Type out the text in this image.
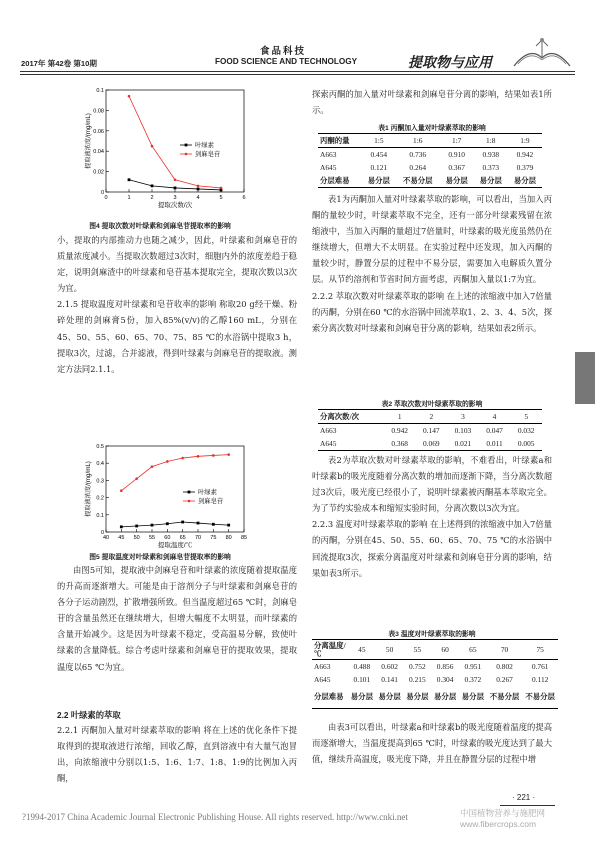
2017年 第42卷 第10期
食品科技
FOOD SCIENCE AND TECHNOLOGY	提取物与应用
0
0.02
0.04
0.06
0.08
0.1
0	1	2	3	4	5	6
提取液浓度/(mg/mL)
提取次数/次
叶绿素
剑麻皂苷
图4 提取次数对叶绿素和剑麻皂苷提取率的影响

小，提取的内部推动力也随之减少，因此，叶绿素和剑麻皂苷的质量浓度减小。当提取次数超过3次时，细胞内外的浓度差趋于稳定，说明剑麻渣中的叶绿素和皂苷基本提取完全，提取次数以3次为宜。

2.1.5 提取温度对叶绿素和皂苷收率的影响 称取20 g经干燥、粉碎处理的剑麻膏5份，加入85%(v/v)的乙醇160 mL，分别在45、50、55、60、65、70、75、85 ℃的水浴锅中提取3 h，提取3次，过滤，合并滤液，得到叶绿素与剑麻皂苷的提取液。测定方法同2.1.1。

0
0.1
0.2
0.3
0.4
0.5
40 45 50 55 60 65 70 75 80 85
提取液浓度/(mg/mL)
提取温度/℃
叶绿素
剑麻皂苷
图5 提取温度对叶绿素和剑麻皂苷提取率的影响

由图5可知，提取液中剑麻皂苷和叶绿素的浓度随着提取温度的升高而逐渐增大。可能是由于溶剂分子与叶绿素和剑麻皂苷的各分子运动剧烈，扩散增强所致。但当温度超过65 ℃时，剑麻皂苷的含量虽然还在继续增大，但增大幅度不太明显，而叶绿素的含量开始减少。这是因为叶绿素不稳定，受高温易分解，致使叶绿素的含量降低。综合考虑叶绿素和剑麻皂苷的提取效果，提取温度以65 ℃为宜。

2.2 叶绿素的萃取

2.2.1 丙酮加入量对叶绿素萃取的影响 将在上述的优化条件下提取得到的提取液进行浓缩，回收乙醇，直到溶液中有大量气泡冒出，向浓缩液中分别以1:5、1:6、1:7、1:8、1:9的比例加入丙酮，

探索丙酮的加入量对叶绿素和剑麻皂苷分离的影响，结果如表1所示。

表1 丙酮加入量对叶绿素萃取的影响
丙酮的量	1:5	1:6	1:7	1:8	1:9
A663	0.454	0.736	0.910	0.938	0.942
A645	0.121	0.264	0.367	0.373	0.379
分层难易	易分层	不易分层	易分层	易分层	易分层

表1为丙酮加入量对叶绿素萃取的影响，可以看出，当加入丙酮的量较少时，叶绿素萃取不完全，还有一部分叶绿素残留在浓缩液中，当加入丙酮的量超过7倍量时，叶绿素的吸光度虽然仍在继续增大，但增大不太明显。在实验过程中还发现，加入丙酮的量较少时，静置分层的过程中不易分层，需要加入电解质久置分层。从节约溶剂和节省时间方面考虑，丙酮加入量以1:7为宜。

2.2.2 萃取次数对叶绿素萃取的影响 在上述的浓缩液中加入7倍量的丙酮，分别在60 ℃的水浴锅中回流萃取1、2、3、4、5次，探索分离次数对叶绿素和剑麻皂苷分离的影响，结果如表2所示。

表2 萃取次数对叶绿素萃取的影响
分离次数/次	1	2	3	4	5
A663	0.942	0.147	0.103	0.047	0.032
A645	0.368	0.069	0.021	0.011	0.005

表2为萃取次数对叶绿素萃取的影响，不难看出，叶绿素a和叶绿素b的吸光度随着分离次数的增加而逐渐下降，当分离次数超过3次后，吸光度已经很小了，说明叶绿素被丙酮基本萃取完全。为了节约实验成本和缩短实验时间，分离次数以3次为宜。

2.2.3 温度对叶绿素萃取的影响 在上述得到的浓缩液中加入7倍量的丙酮，分别在45、50、55、60、65、70、75 ℃的水浴锅中回流提取3次，探索分离温度对叶绿素和剑麻皂苷分离的影响，结果如表3所示。

表3 温度对叶绿素萃取的影响
分离温度/℃	45	50	55	60	65	70	75
A663	0.488	0.602	0.752	0.856	0.951	0.802	0.761
A645	0.101	0.141	0.215	0.304	0.372	0.267	0.112
分层难易	易分层	易分层	易分层	易分层	易分层	不易分层	不易分层

由表3可以看出，叶绿素a和叶绿素b的吸光度随着温度的提高而逐渐增大，当温度提高到65 ℃时，叶绿素的吸光度达到了最大值，继续升高温度，吸光度下降，并且在静置分层的过程中增

· 221 ·
?1994-2017 China Academic Journal Electronic Publishing House. All rights reserved. http://www.cnki.net	中国植物营养与施肥网 www.fibercrops.com
